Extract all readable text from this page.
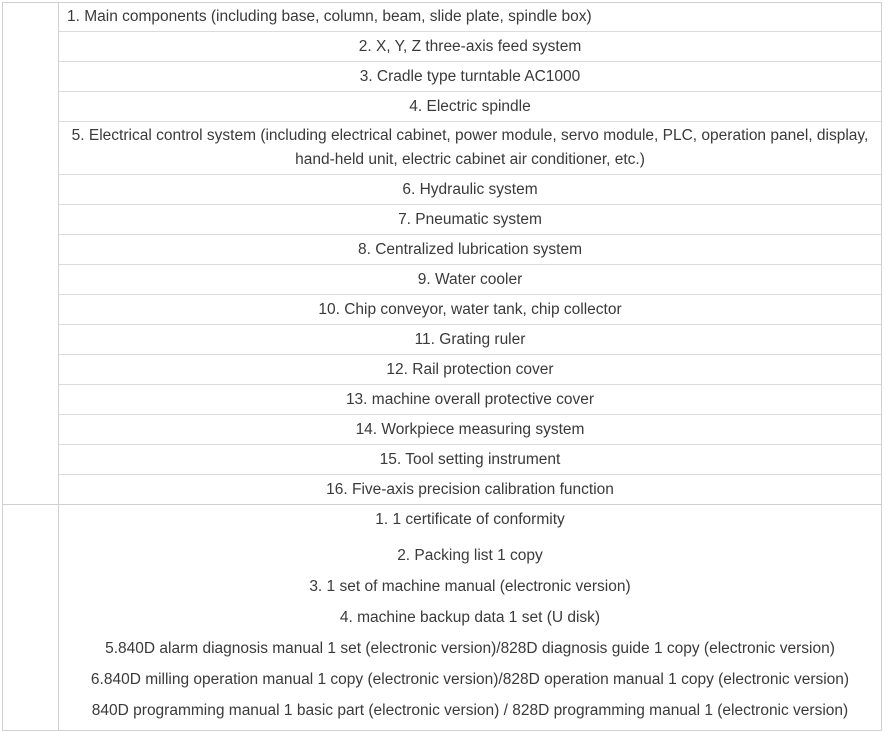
1. Main components (including base, column, beam, slide plate, spindle box)
2. X, Y, Z three-axis feed system
3. Cradle type turntable AC1000
4. Electric spindle
5. Electrical control system (including electrical cabinet, power module, servo module, PLC, operation panel, display, hand-held unit, electric cabinet air conditioner, etc.)
6. Hydraulic system
7. Pneumatic system
8. Centralized lubrication system
9. Water cooler
10. Chip conveyor, water tank, chip collector
11. Grating ruler
12. Rail protection cover
13. machine overall protective cover
14. Workpiece measuring system
15. Tool setting instrument
16. Five-axis precision calibration function
1. 1 certificate of conformity
2. Packing list 1 copy
3. 1 set of machine manual (electronic version)
4. machine backup data 1 set (U disk)
5.840D alarm diagnosis manual 1 set (electronic version)/828D diagnosis guide 1 copy (electronic version)
6.840D milling operation manual 1 copy (electronic version)/828D operation manual 1 copy (electronic version)
840D programming manual 1 basic part (electronic version) / 828D programming manual 1 (electronic version)
